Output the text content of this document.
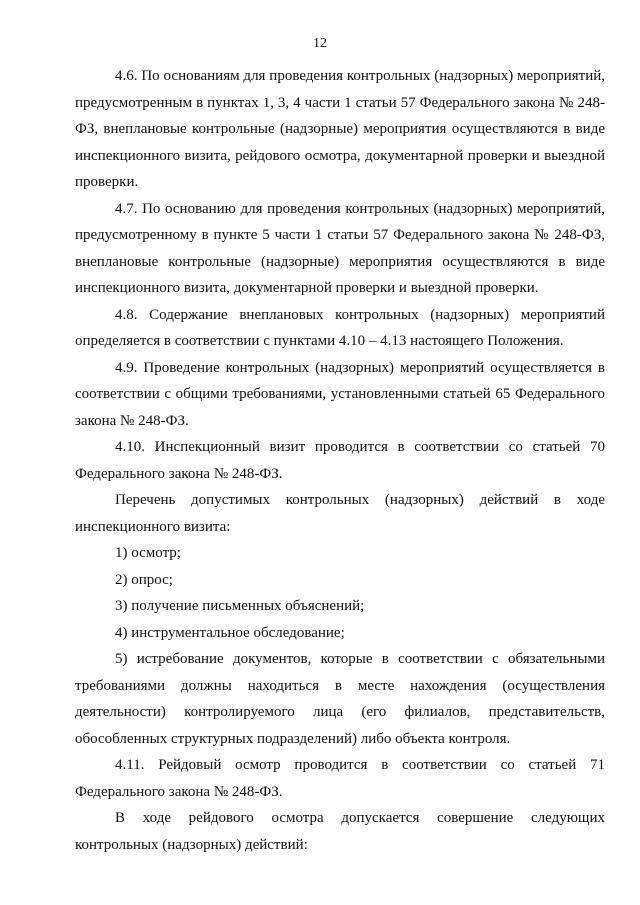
12

4.6. По основаниям для проведения контрольных (надзорных) мероприятий, предусмотренным в пунктах 1, 3, 4 части 1 статьи 57 Федерального закона № 248-ФЗ, внеплановые контрольные (надзорные) мероприятия осуществляются в виде инспекционного визита, рейдового осмотра, документарной проверки и выездной проверки.

4.7. По основанию для проведения контрольных (надзорных) мероприятий, предусмотренному в пункте 5 части 1 статьи 57 Федерального закона № 248-ФЗ, внеплановые контрольные (надзорные) мероприятия осуществляются в виде инспекционного визита, документарной проверки и выездной проверки.

4.8. Содержание внеплановых контрольных (надзорных) мероприятий определяется в соответствии с пунктами 4.10 – 4.13 настоящего Положения.

4.9. Проведение контрольных (надзорных) мероприятий осуществляется в соответствии с общими требованиями, установленными статьей 65 Федерального закона № 248-ФЗ.

4.10. Инспекционный визит проводится в соответствии со статьей 70 Федерального закона № 248-ФЗ.

Перечень допустимых контрольных (надзорных) действий в ходе инспекционного визита:

1) осмотр;

2) опрос;

3) получение письменных объяснений;

4) инструментальное обследование;

5) истребование документов, которые в соответствии с обязательными требованиями должны находиться в месте нахождения (осуществления деятельности) контролируемого лица (его филиалов, представительств, обособленных структурных подразделений) либо объекта контроля.

4.11. Рейдовый осмотр проводится в соответствии со статьей 71 Федерального закона № 248-ФЗ.

В ходе рейдового осмотра допускается совершение следующих контрольных (надзорных) действий:
